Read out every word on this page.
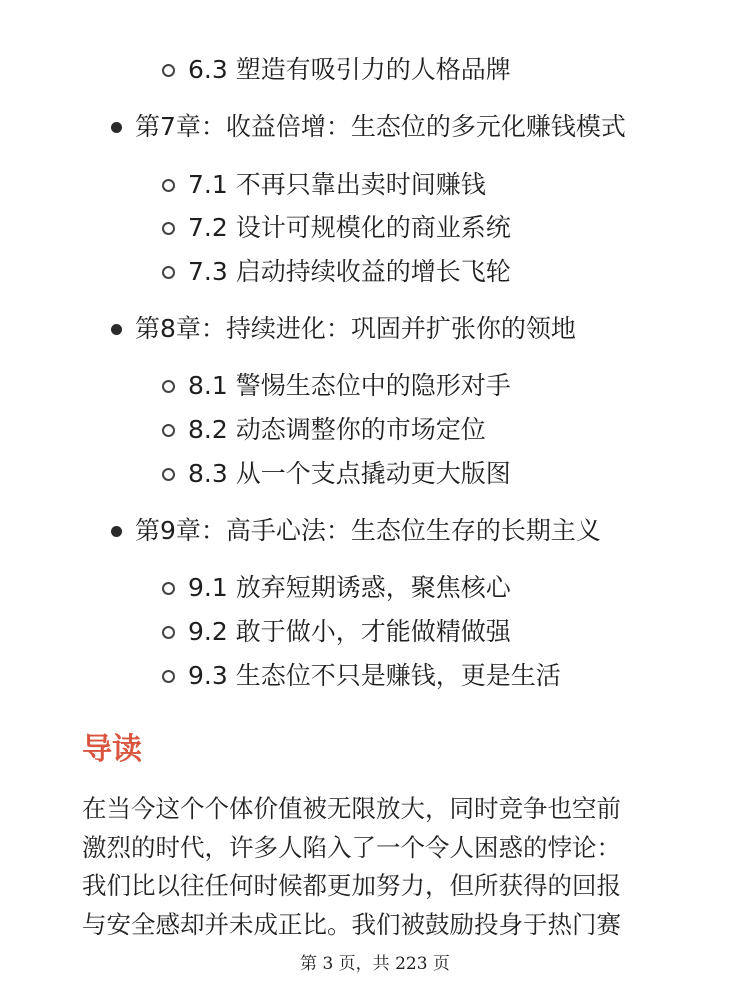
6.3 塑造有吸引力的人格品牌
第7章：收益倍增：生态位的多元化赚钱模式
7.1 不再只靠出卖时间赚钱
7.2 设计可规模化的商业系统
7.3 启动持续收益的增长飞轮
第8章：持续进化：巩固并扩张你的领地
8.1 警惕生态位中的隐形对手
8.2 动态调整你的市场定位
8.3 从一个支点撬动更大版图
第9章：高手心法：生态位生存的长期主义
9.1 放弃短期诱惑，聚焦核心
9.2 敢于做小，才能做精做强
9.3 生态位不只是赚钱，更是生活
导读

在当今这个个体价值被无限放大，同时竞争也空前
激烈的时代，许多人陷入了一个令人困惑的悖论：
我们比以往任何时候都更加努力，但所获得的回报
与安全感却并未成正比。我们被鼓励投身于热门赛

第 3 页，共 223 页
